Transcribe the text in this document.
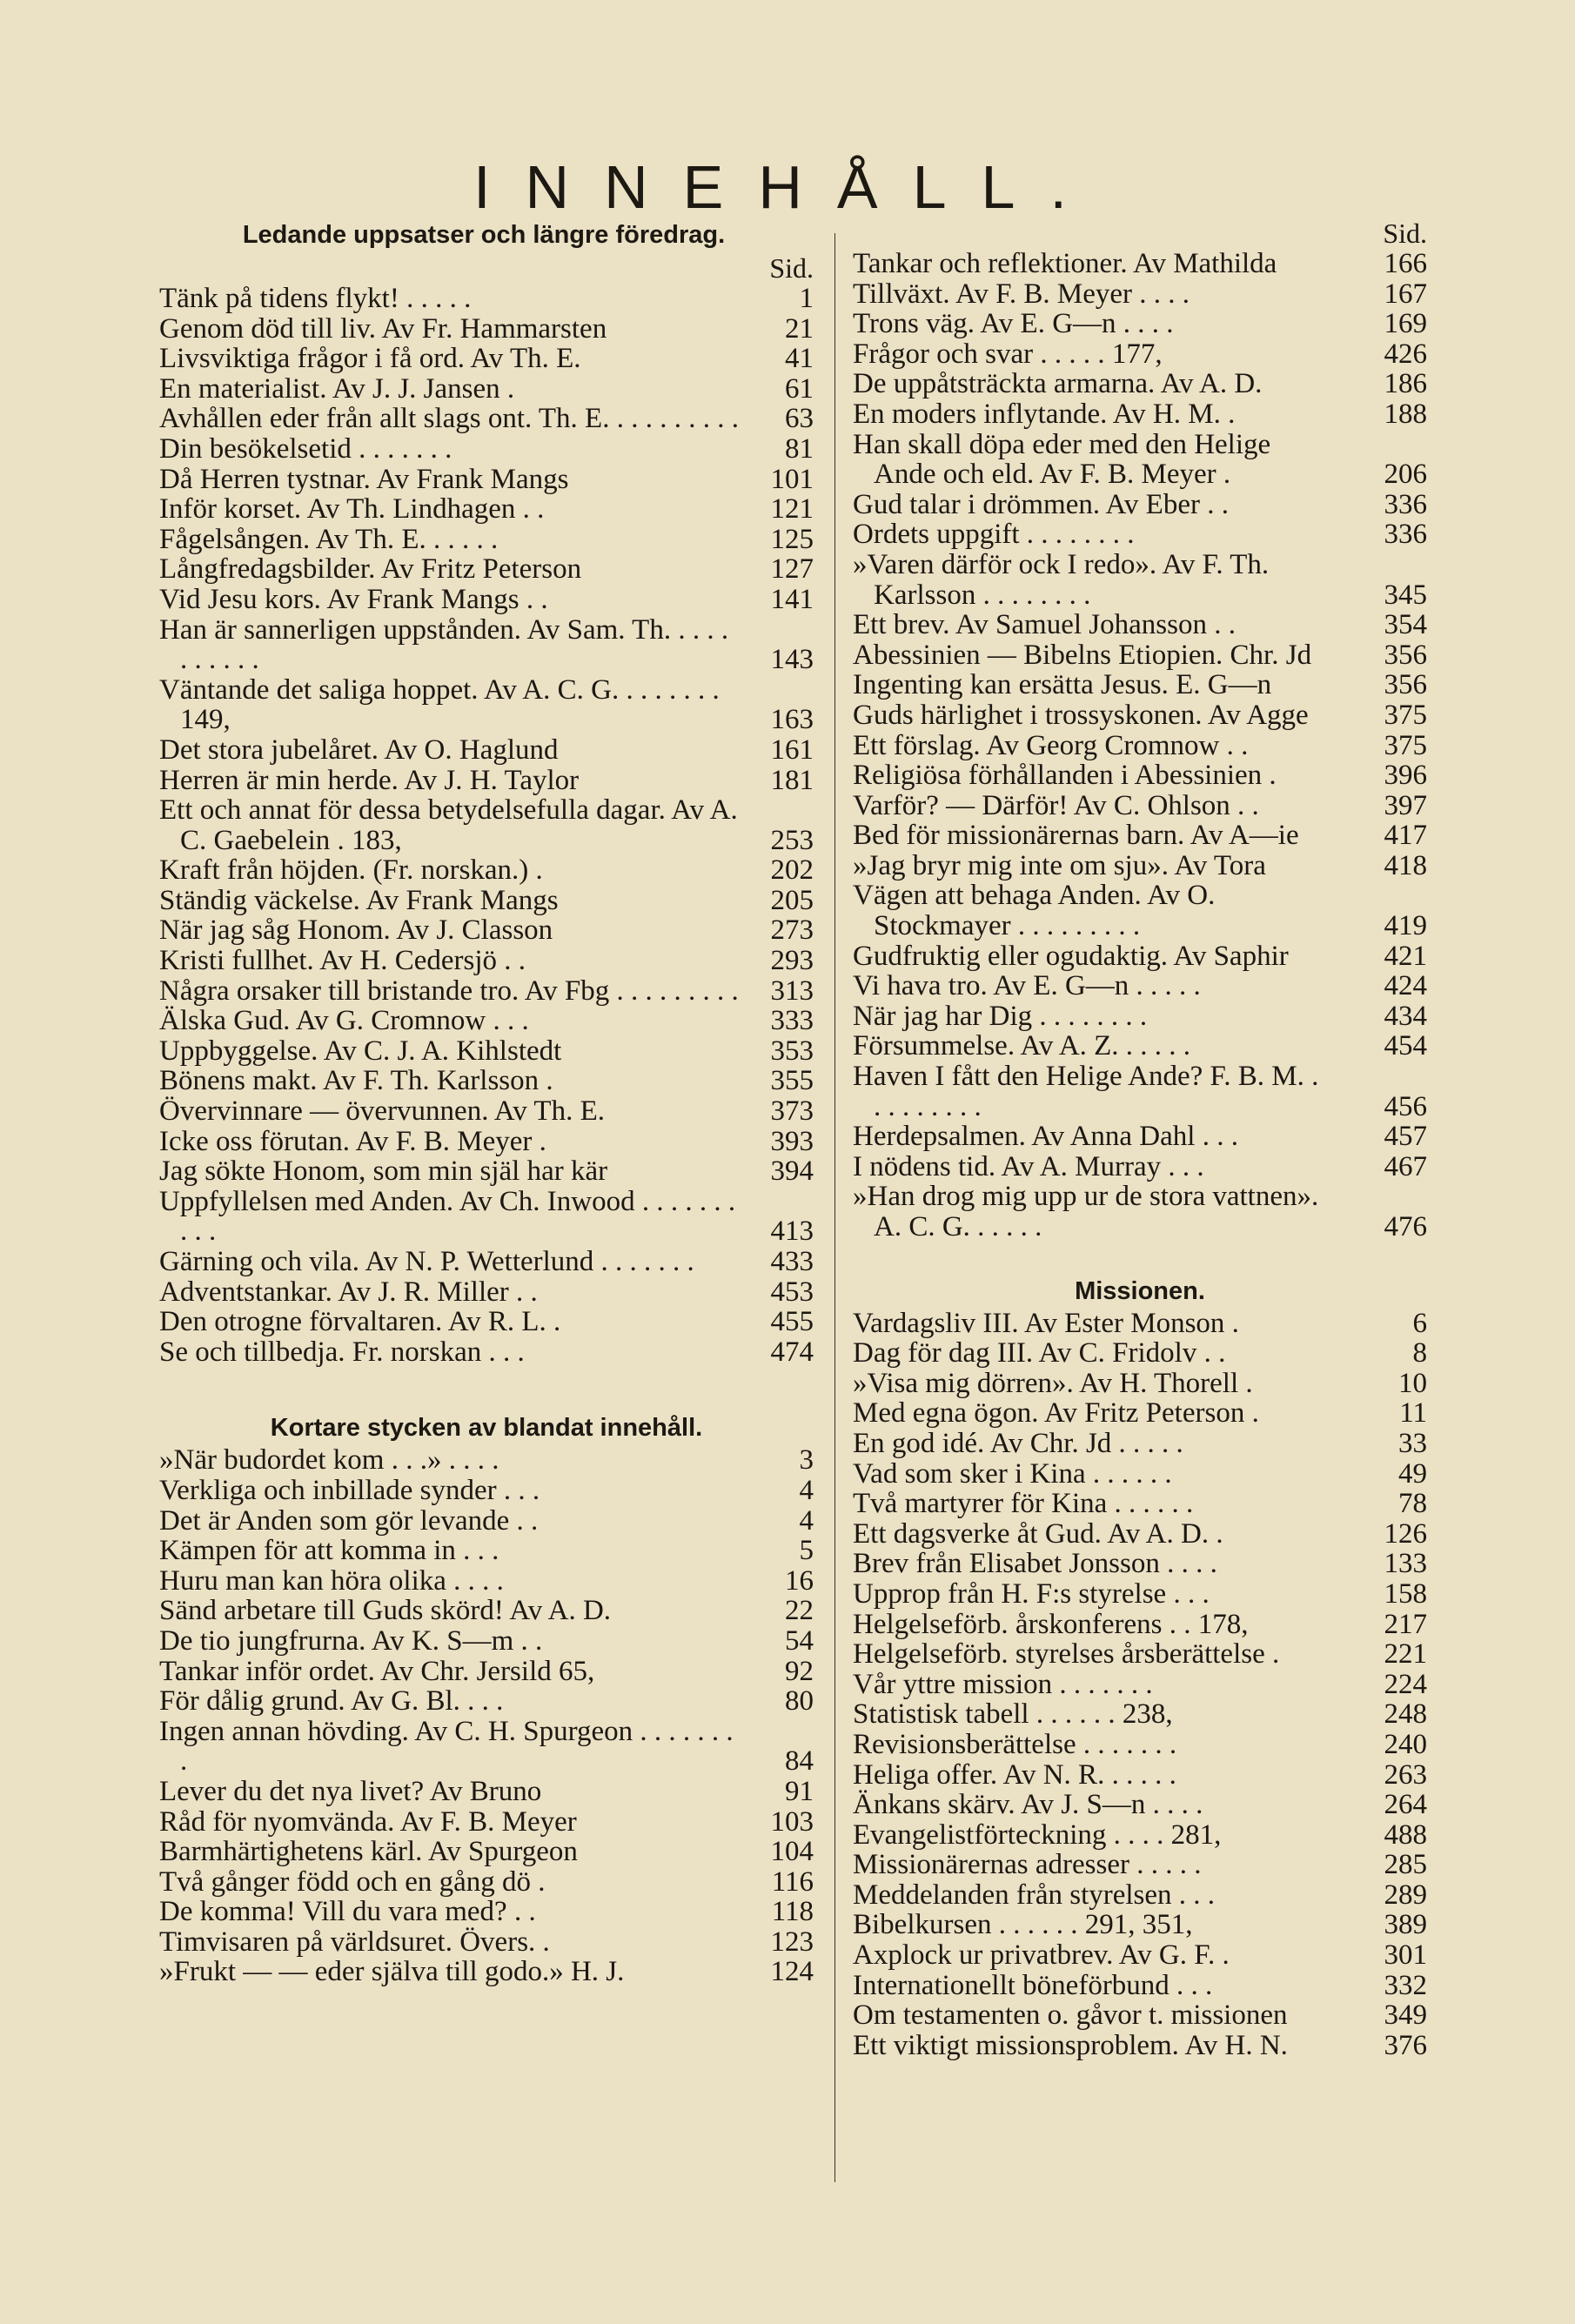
INNEHÅLL.
Ledande uppsatser och längre föredrag.
Sid.
Tänk på tidens flykt! . . . . .	1
Genom död till liv. Av Fr. Hammarsten	21
Livsviktiga frågor i få ord. Av Th. E.	41
En materialist. Av J. J. Jansen .	61
Avhållen eder från allt slags ont. Th. E. . . . . . . . . .	63
Din besökelsetid . . . . . . .	81
Då Herren tystnar. Av Frank Mangs	101
Inför korset. Av Th. Lindhagen . .	121
Fågelsången. Av Th. E. . . . . .	125
Långfredagsbilder. Av Fritz Peterson	127
Vid Jesu kors. Av Frank Mangs . .	141
Han är sannerligen uppstånden. Av Sam. Th. . . . . . . . . . .	143
Väntande det saliga hoppet. Av A. C. G. . . . . . . . 149,	163
Det stora jubelåret. Av O. Haglund	161
Herren är min herde. Av J. H. Taylor	181
Ett och annat för dessa betydelsefulla dagar. Av A. C. Gaebelein . 183,	253
Kraft från höjden. (Fr. norskan.) .	202
Ständig väckelse. Av Frank Mangs	205
När jag såg Honom. Av J. Classon	273
Kristi fullhet. Av H. Cedersjö . .	293
Några orsaker till bristande tro. Av Fbg . . . . . . . . .	313
Älska Gud. Av G. Cromnow . . .	333
Uppbyggelse. Av C. J. A. Kihlstedt	353
Bönens makt. Av F. Th. Karlsson .	355
Övervinnare — övervunnen. Av Th. E.	373
Icke oss förutan. Av F. B. Meyer .	393
Jag sökte Honom, som min själ har kär	394
Uppfyllelsen med Anden. Av Ch. Inwood . . . . . . . . . .	413
Gärning och vila. Av N. P. Wetterlund . . . . . . .	433
Adventstankar. Av J. R. Miller . .	453
Den otrogne förvaltaren. Av R. L. .	455
Se och tillbedja. Fr. norskan . . .	474
Kortare stycken av blandat innehåll.
»När budordet kom . . .» . . . .	3
Verkliga och inbillade synder . . .	4
Det är Anden som gör levande . .	4
Kämpen för att komma in . . .	5
Huru man kan höra olika . . . .	16
Sänd arbetare till Guds skörd! Av A. D.	22
De tio jungfrurna. Av K. S—m . .	54
Tankar inför ordet. Av Chr. Jersild 65,	92
För dålig grund. Av G. Bl. . . .	80
Ingen annan hövding. Av C. H. Spurgeon . . . . . . . .	84
Lever du det nya livet? Av Bruno	91
Råd för nyomvända. Av F. B. Meyer	103
Barmhärtighetens kärl. Av Spurgeon	104
Två gånger född och en gång dö .	116
De komma! Vill du vara med? . .	118
Timvisaren på världsuret. Övers. .	123
»Frukt — — eder själva till godo.» H. J.	124
Sid.
Tankar och reflektioner. Av Mathilda	166
Tillväxt. Av F. B. Meyer . . . .	167
Trons väg. Av E. G—n . . . .	169
Frågor och svar . . . . . 177,	426
De uppåtsträckta armarna. Av A. D.	186
En moders inflytande. Av H. M. .	188
Han skall döpa eder med den Helige Ande och eld. Av F. B. Meyer .	206
Gud talar i drömmen. Av Eber . .	336
Ordets uppgift . . . . . . . .	336
»Varen därför ock I redo». Av F. Th. Karlsson . . . . . . . .	345
Ett brev. Av Samuel Johansson . .	354
Abessinien — Bibelns Etiopien. Chr. Jd	356
Ingenting kan ersätta Jesus. E. G—n	356
Guds härlighet i trossyskonen. Av Agge	375
Ett förslag. Av Georg Cromnow . .	375
Religiösa förhållanden i Abessinien .	396
Varför? — Därför! Av C. Ohlson . .	397
Bed för missionärernas barn. Av A—ie	417
»Jag bryr mig inte om sju». Av Tora	418
Vägen att behaga Anden. Av O. Stockmayer . . . . . . . . .	419
Gudfruktig eller ogudaktig. Av Saphir	421
Vi hava tro. Av E. G—n . . . . .	424
När jag har Dig . . . . . . . .	434
Försummelse. Av A. Z. . . . . .	454
Haven I fått den Helige Ande? F. B. M. . . . . . . . . .	456
Herdepsalmen. Av Anna Dahl . . .	457
I nödens tid. Av A. Murray . . .	467
»Han drog mig upp ur de stora vattnen». A. C. G. . . . . .	476
Missionen.
Vardagsliv III. Av Ester Monson .	6
Dag för dag III. Av C. Fridolv . .	8
»Visa mig dörren». Av H. Thorell .	10
Med egna ögon. Av Fritz Peterson .	11
En god idé. Av Chr. Jd . . . . .	33
Vad som sker i Kina . . . . . .	49
Två martyrer för Kina . . . . . .	78
Ett dagsverke åt Gud. Av A. D. .	126
Brev från Elisabet Jonsson . . . .	133
Upprop från H. F:s styrelse . . .	158
Helgelseförb. årskonferens . . 178,	217
Helgelseförb. styrelses årsberättelse .	221
Vår yttre mission . . . . . . .	224
Statistisk tabell . . . . . . 238,	248
Revisionsberättelse . . . . . . .	240
Heliga offer. Av N. R. . . . . .	263
Änkans skärv. Av J. S—n . . . .	264
Evangelistförteckning . . . . 281,	488
Missionärernas adresser . . . . .	285
Meddelanden från styrelsen . . .	289
Bibelkursen . . . . . . 291, 351,	389
Axplock ur privatbrev. Av G. F. .	301
Internationellt böneförbund . . .	332
Om testamenten o. gåvor t. missionen	349
Ett viktigt missionsproblem. Av H. N.	376
